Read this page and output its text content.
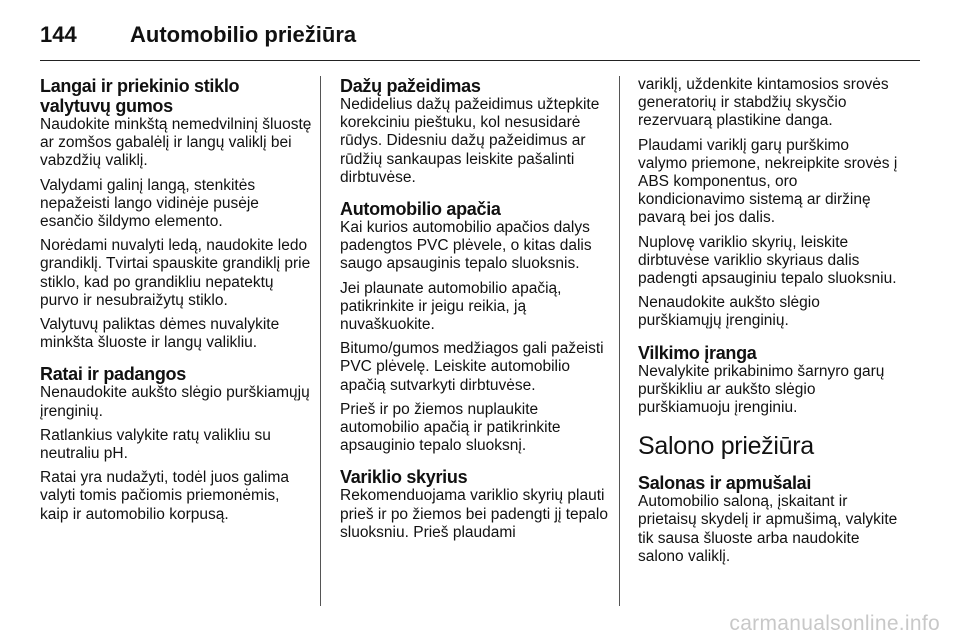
144	Automobilio priežiūra
Langai ir priekinio stiklo valytuvų gumos

Naudokite minkštą nemedvilninį šluostę ar zomšos gabalėlį ir langų valiklį bei vabzdžių valiklį.

Valydami galinį langą, stenkitės nepažeisti lango vidinėje pusėje esančio šildymo elemento.

Norėdami nuvalyti ledą, naudokite ledo grandiklį. Tvirtai spauskite grandiklį prie stiklo, kad po grandikliu nepatektų purvo ir nesubraižytų stiklo.

Valytuvų paliktas dėmes nuvalykite minkšta šluoste ir langų valikliu.

Ratai ir padangos

Nenaudokite aukšto slėgio purškiamųjų įrenginių.

Ratlankius valykite ratų valikliu su neutraliu pH.

Ratai yra nudažyti, todėl juos galima valyti tomis pačiomis priemonėmis, kaip ir automobilio korpusą.

Dažų pažeidimas

Nedidelius dažų pažeidimus užtepkite korekciniu pieštuku, kol nesusidarė rūdys. Didesniu dažų pažeidimus ar rūdžių sankaupas leiskite pašalinti dirbtuvėse.

Automobilio apačia

Kai kurios automobilio apačios dalys padengtos PVC plėvele, o kitas dalis saugo apsauginis tepalo sluoksnis.

Jei plaunate automobilio apačią, patikrinkite ir jeigu reikia, ją nuvaškuokite.

Bitumo/gumos medžiagos gali pažeisti PVC plėvelę. Leiskite automobilio apačią sutvarkyti dirbtuvėse.

Prieš ir po žiemos nuplaukite automobilio apačią ir patikrinkite apsauginio tepalo sluoksnį.

Variklio skyrius

Rekomenduojama variklio skyrių plauti prieš ir po žiemos bei padengti jį tepalo sluoksniu. Prieš plaudami

variklį, uždenkite kintamosios srovės generatorių ir stabdžių skysčio rezervuarą plastikine danga.

Plaudami variklį garų purškimo valymo priemone, nekreipkite srovės į ABS komponentus, oro kondicionavimo sistemą ar diržinę pavarą bei jos dalis.

Nuplovę variklio skyrių, leiskite dirbtuvėse variklio skyriaus dalis padengti apsauginiu tepalo sluoksniu.

Nenaudokite aukšto slėgio purškiamųjų įrenginių.

Vilkimo įranga

Nevalykite prikabinimo šarnyro garų purškikliu ar aukšto slėgio purškiamuoju įrenginiu.

Salono priežiūra
Salonas ir apmušalai

Automobilio saloną, įskaitant ir prietaisų skydelį ir apmušimą, valykite tik sausa šluoste arba naudokite salono valiklį.

carmanualsonline.info
